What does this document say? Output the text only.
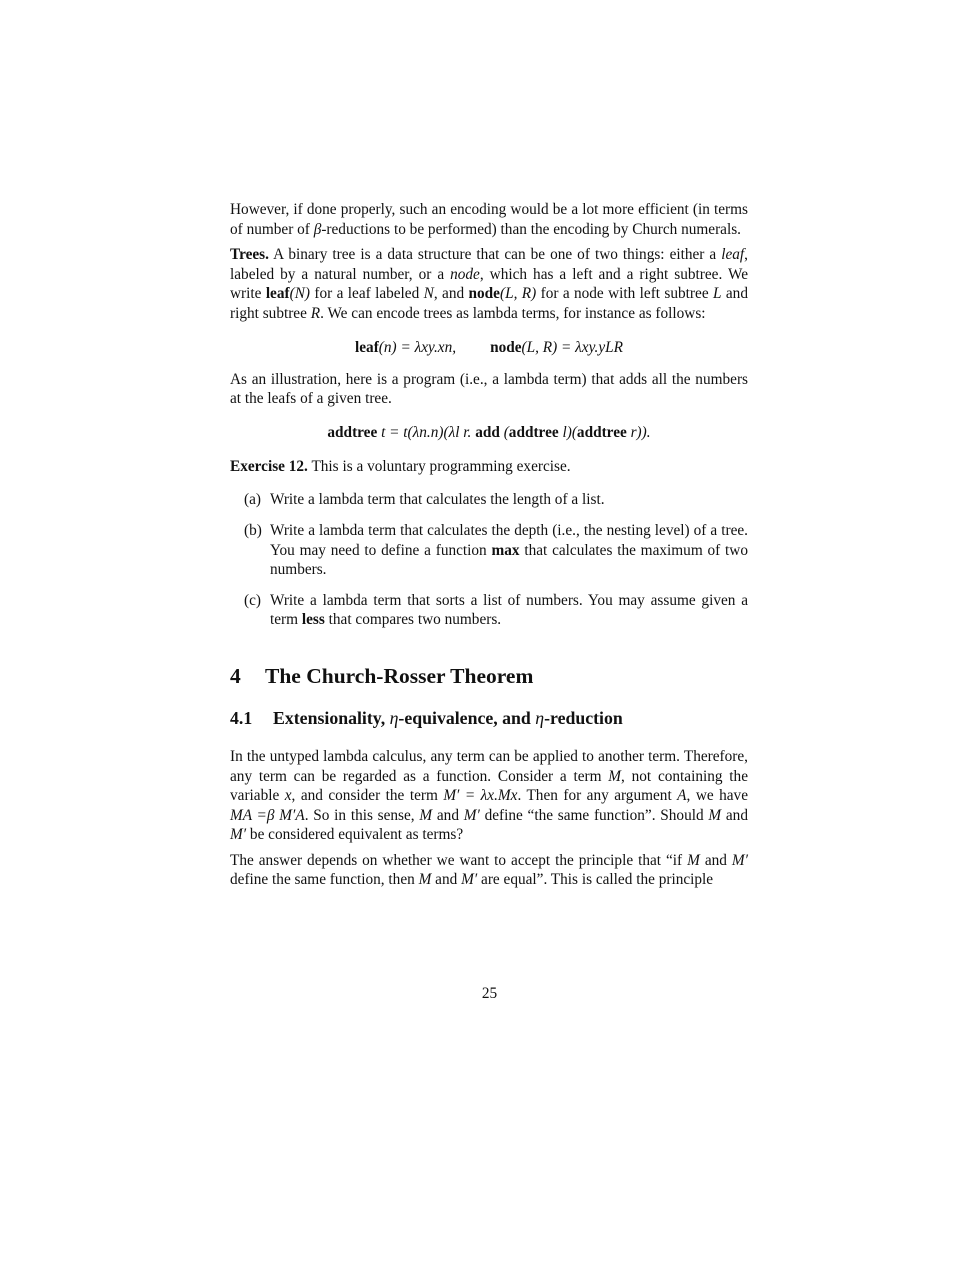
However, if done properly, such an encoding would be a lot more efficient (in terms of number of β-reductions to be performed) than the encoding by Church numerals.

Trees. A binary tree is a data structure that can be one of two things: either a leaf, labeled by a natural number, or a node, which has a left and a right subtree. We write leaf(N) for a leaf labeled N, and node(L, R) for a node with left subtree L and right subtree R. We can encode trees as lambda terms, for instance as follows:

leaf(n) = λxy.xn, node(L, R) = λxy.yLR

As an illustration, here is a program (i.e., a lambda term) that adds all the numbers at the leafs of a given tree.

addtree t = t(λn.n)(λl r. add (addtree l)(addtree r)).

Exercise 12. This is a voluntary programming exercise.

(a) Write a lambda term that calculates the length of a list.

(b) Write a lambda term that calculates the depth (i.e., the nesting level) of a tree. You may need to define a function max that calculates the maximum of two numbers.

(c) Write a lambda term that sorts a list of numbers. You may assume given a term less that compares two numbers.

4 The Church-Rosser Theorem
4.1 Extensionality, η-equivalence, and η-reduction

In the untyped lambda calculus, any term can be applied to another term. Therefore, any term can be regarded as a function. Consider a term M, not containing the variable x, and consider the term M′ = λx.Mx. Then for any argument A, we have MA =β M′A. So in this sense, M and M′ define “the same function”. Should M and M′ be considered equivalent as terms?

The answer depends on whether we want to accept the principle that “if M and M′ define the same function, then M and M′ are equal”. This is called the principle

25
